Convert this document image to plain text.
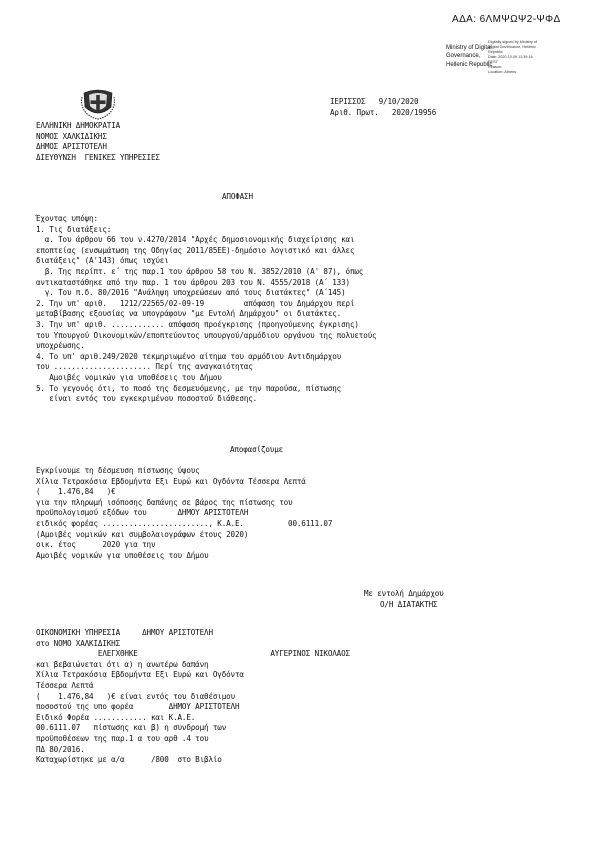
ΑΔΑ: 6ΛΜΨΩΨ2-ΨΦΔ
Ministry of Digital
Governance,
Hellenic Republic
Digitally signed by Ministry of
Digital Governance, Hellenic
Republic
Date: 2020.10.09 11:39:16
EEST
Reason:
Location: Athens
ΙΕΡΙΣΣΟΣ   9/10/2020
Αριθ. Πρωτ.   2020/19956
ΕΛΛΗΝΙΚΗ ΔΗΜΟΚΡΑΤΙΑ
ΝΟΜΟΣ ΧΑΛΚΙΔΙΚΗΣ
ΔΗΜΟΣ ΑΡΙΣΤΟΤΕΛΗ
ΔΙΕΥΘΥΝΣΗ  ΓΕΝΙΚΕΣ ΥΠΗΡΕΣΙΕΣ
ΑΠΟΦΑΣΗ
Έχοντας υπόψη:
1. Τις διατάξεις:
α. Του άρθρου 66 του ν.4270/2014 "Αρχές δημοσιονομικής διαχείρισης και
εποπτείας (ενσωμάτωση της Οδηγίας 2011/85ΕΕ)-δημόσιο λογιστικό και άλλες
διατάξεις" (Α'143) όπως ισχύει
β. Της περίπτ. ε΄ της παρ.1 του άρθρου 58 του Ν. 3852/2010 (Α' 87), όπως
αντικαταστάθηκε από την παρ. 1 του άρθρου 203 του Ν. 4555/2018 (Α΄ 133)
γ. Του π.δ. 80/2016 "Ανάληψη υποχρεώσεων από τους διατάκτες" (Α΄145)
2. Την υπ' αριθ.   1212/22565/02-09-19         απόφαση του Δημάρχου περί
μεταβίβασης εξουσίας να υπογράφουν "με Εντολή Δημάρχου" οι διατάκτες.
3. Την υπ' αριθ. ............ απόφαση προέγκρισης (προηγούμενης έγκρισης)
του Υπουργού Οικονομικών/εποπτεύοντος υπουργού/αρμόδιου οργάνου της πολυετούς
υποχρέωσης.
4. Το υπ' αριθ.249/2020 τεκμηριωμένο αίτημα του αρμόδιου Αντιδημάρχου
του ...................... Περί της αναγκαιότητας
Αμοιβές νομικών για υποθέσεις του Δήμου
5. Το γεγονός ότι, το ποσό της δεσμευόμενης, με την παρούσα, πίστωσης
είναι εντός του εγκεκριμένου ποσοστού διάθεσης.
Αποφασίζουμε
Εγκρίνουμε τη δέσμευση πίστωσης ύψους
Χίλια Τετρακόσια Εβδομήντα Εξι Ευρώ και Ογδόντα Τέσσερα Λεπτά
(    1.476,84   )€
για την πληρωμή ισόποσης δαπάνης σε βάρος της πίστωσης του
προϋπολογισμού εξόδων του       ΔΗΜΟΥ ΑΡΙΣΤΟΤΕΛΗ
ειδικός φορέας ........................, Κ.Α.Ε.          00.6111.07
(Αμοιβές νομικών και συμβολαιογράφων έτους 2020)
οικ. έτος      2020 για την
Αμοιβές νομικών για υποθέσεις του Δήμου
Με εντολή Δημάρχου
Ο/Η ΔΙΑΤΑΚΤΗΣ
ΟΙΚΟΝΟΜΙΚΗ ΥΠΗΡΕΣΙΑ     ΔΗΜΟΥ ΑΡΙΣΤΟΤΕΛΗ
στο ΝΟΜΟ ΧΑΛΚΙΔΙΚΗΣ
ΕΛΕΓΧΘΗΚΕ                              ΑΥΓΕΡΙΝΟΣ ΝΙΚΟΛΑΟΣ
και βεβαιώνεται ότι α) η ανωτέρω δαπάνη
Χίλια Τετρακόσια Εβδομήντα Εξι Ευρώ και Ογδόντα
Τέσσερα Λεπτά
(    1.476,84   )€ είναι εντός του διαθέσιμου
ποσοστού της υπο φορέα        ΔΗΜΟΥ ΑΡΙΣΤΟΤΕΛΗ
Ειδικό Φορέα ............ και Κ.Α.Ε.
00.6111.07   πίστωσης και β) η συνδρομή των
προϋποθέσεων της παρ.1 α του αρθ .4 του
ΠΔ 80/2016.
Καταχωρίστηκε με α/α      /800  στο Βιβλίο
